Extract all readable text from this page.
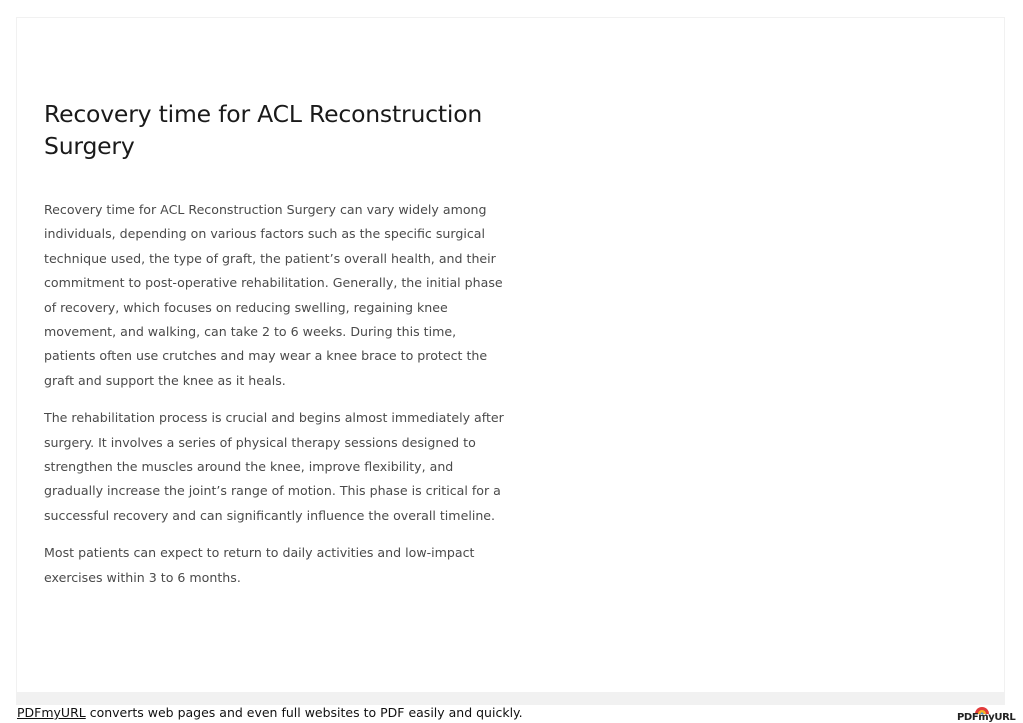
Recovery time for ACL Reconstruction Surgery

Recovery time for ACL Reconstruction Surgery can vary widely among individuals, depending on various factors such as the specific surgical technique used, the type of graft, the patient’s overall health, and their commitment to post-operative rehabilitation. Generally, the initial phase of recovery, which focuses on reducing swelling, regaining knee movement, and walking, can take 2 to 6 weeks. During this time, patients often use crutches and may wear a knee brace to protect the graft and support the knee as it heals.

The rehabilitation process is crucial and begins almost immediately after surgery. It involves a series of physical therapy sessions designed to strengthen the muscles around the knee, improve flexibility, and gradually increase the joint’s range of motion. This phase is critical for a successful recovery and can significantly influence the overall timeline.

Most patients can expect to return to daily activities and low-impact exercises within 3 to 6 months.

PDFmyURL converts web pages and even full websites to PDF easily and quickly.	PDFmyURL
